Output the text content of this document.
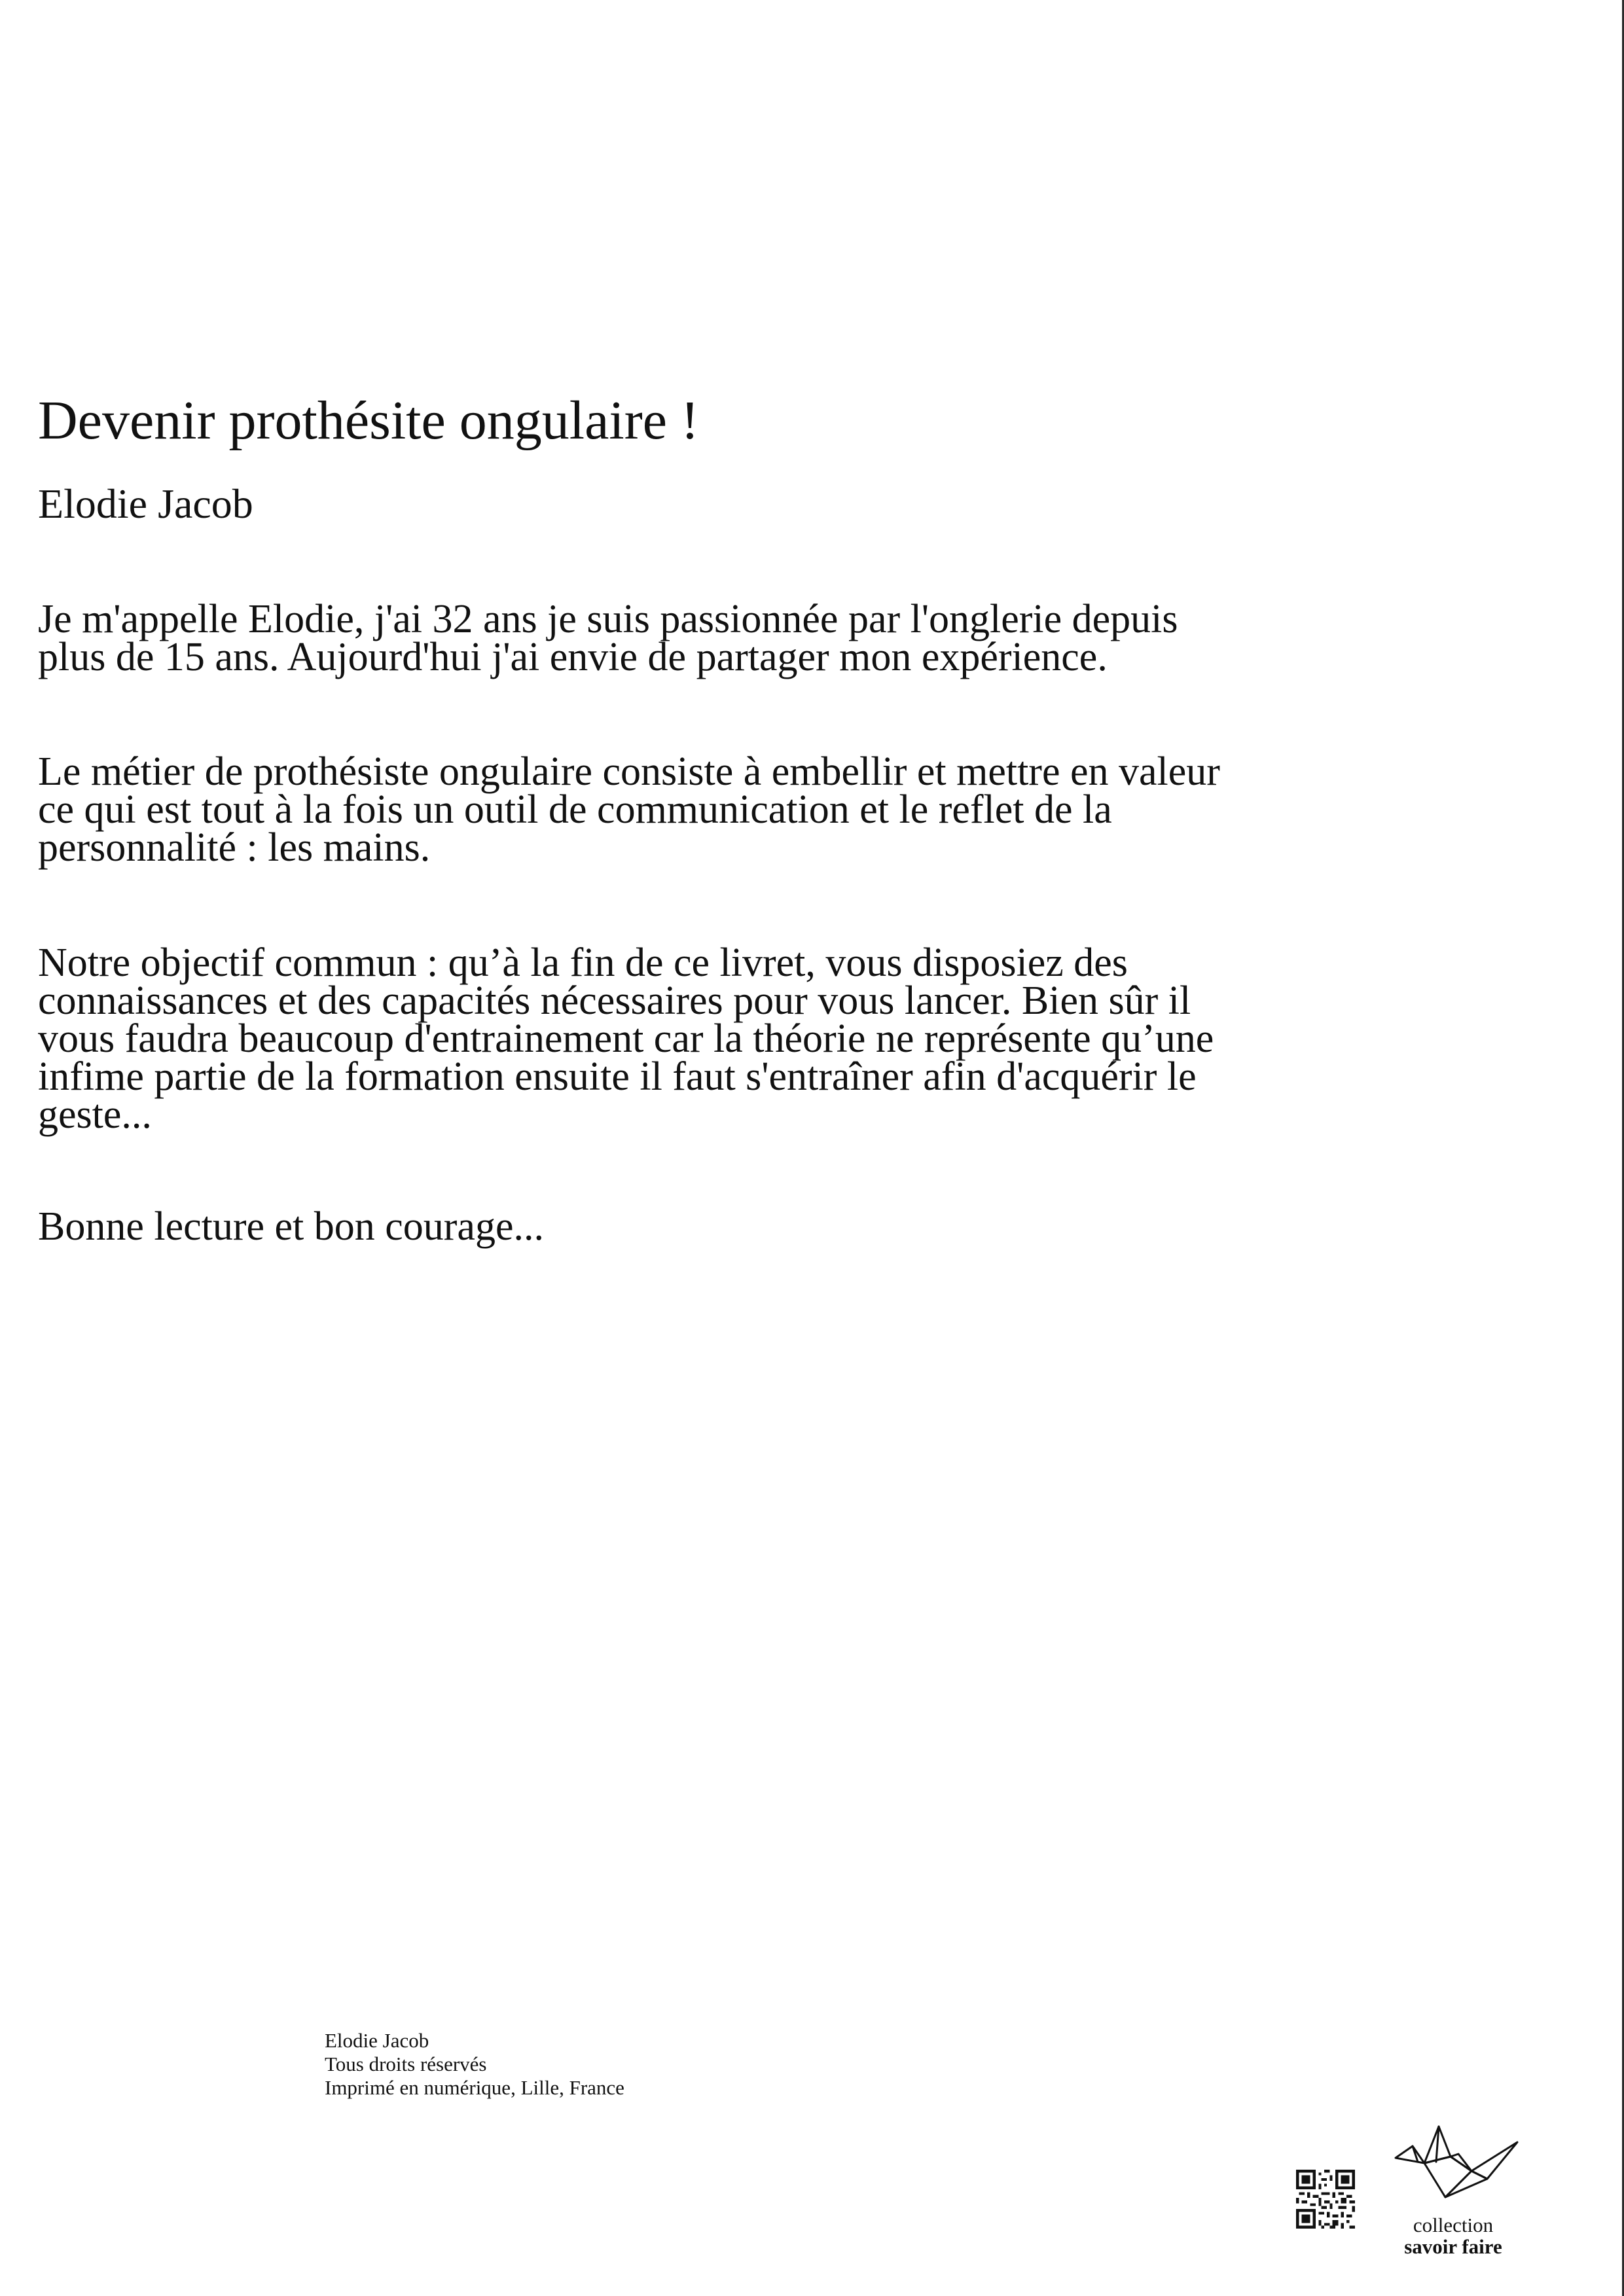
Devenir prothésite ongulaire !
Elodie Jacob

Je m'appelle Elodie, j'ai 32 ans je suis passionnée par l'onglerie depuis plus de 15 ans. Aujourd'hui j'ai envie de partager mon expérience.

Le métier de prothésiste ongulaire consiste à embellir et mettre en valeur ce qui est tout à la fois un outil de communication et le reflet de la personnalité : les mains.

Notre objectif commun : qu’à la fin de ce livret, vous disposiez des connaissances et des capacités nécessaires pour vous lancer. Bien sûr il vous faudra beaucoup d'entrainement car la théorie ne représente qu’une infime partie de la formation ensuite il faut s'entraîner afin d'acquérir le geste...

Bonne lecture et bon courage...

Elodie Jacob
Tous droits réservés
Imprimé en numérique, Lille, France
collection
savoir faire
